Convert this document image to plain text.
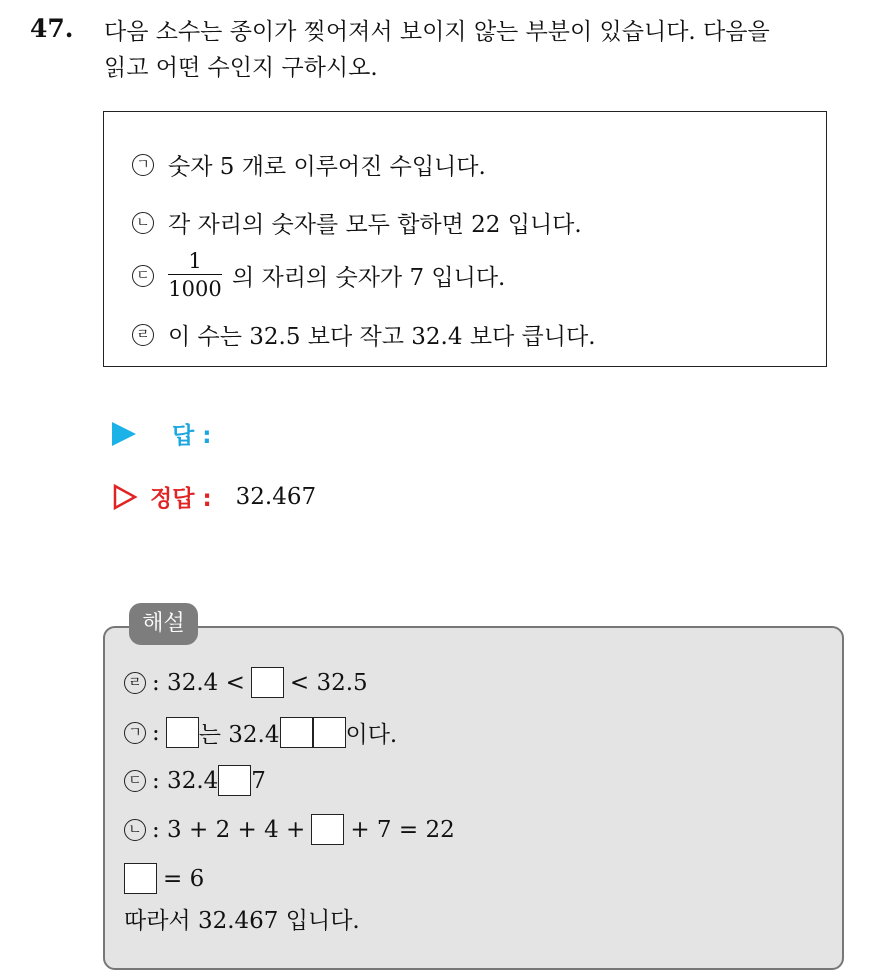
47. 다음 소수는 종이가 찢어져서 보이지 않는 부분이 있습니다. 다음을
읽고 어떤 수인지 구하시오.
ㄱ 숫자 5 개로 이루어진 수입니다.
ㄴ 각 자리의 숫자를 모두 합하면 22 입니다.
ㄷ $\frac{1}{1000}$ 의 자리의 숫자가 7 입니다.
ㄹ 이 수는 32.5 보다 작고 32.4 보다 큽니다.
답 :
정답 : 32.467
해설
ㄹ : 32.4 < < 32.5
ㄱ : 는 32.4	이다.
ㄷ : 32.4 7
ㄴ : 3 + 2 + 4 + + 7 = 22
= 6
따라서 32.467 입니다.
